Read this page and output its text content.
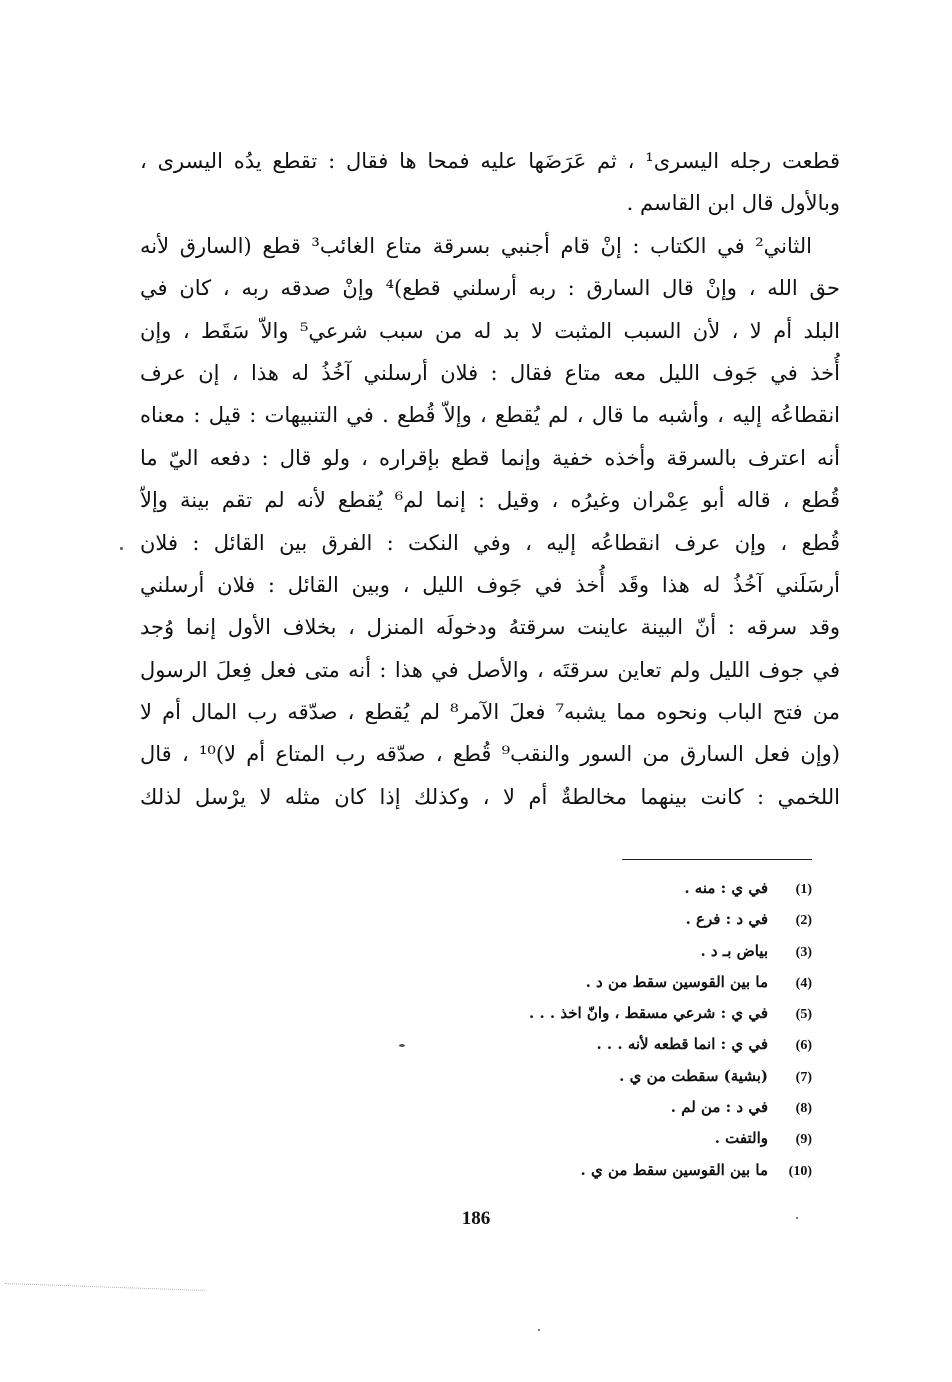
قطعت رجله اليسرى¹ ، ثم عَرَضَها عليه فمحا ها فقال : تقطع يدُه اليسرى ،
وبالأول قال ابن القاسم .
الثاني² في الكتاب : إنْ قام أجنبي بسرقة متاع الغائب³ قطع (السارق لأنه
حق الله ، وإنْ قال السارق : ربه أرسلني قطع)⁴ وإنْ صدقه ربه ، كان في
البلد أم لا ، لأن السبب المثبت لا بد له من سبب شرعي⁵ والاّ سَقَط ، وإن
أُخذ في جَوف الليل معه متاع فقال : فلان أرسلني آخُذُ له هذا ، إن عرف
انقطاعُه إليه ، وأشبه ما قال ، لم يُقطع ، وإلاّ قُطع . في التنبيهات : قيل : معناه
أنه اعترف بالسرقة وأخذه خفية وإنما قطع بإقراره ، ولو قال : دفعه اليّ ما
قُطع ، قاله أبو عِمْران وغيرُه ، وقيل : إنما لم⁶ يُقطع لأنه لم تقم بينة وإلاّ
قُطع ، وإن عرف انقطاعُه إليه ، وفي النكت : الفرق بين القائل : فلان
أرسَلَني آخُذُ له هذا وقَد أُخذ في جَوف الليل ، وبين القائل : فلان أرسلني
وقد سرقه : أنّ البينة عاينت سرقتهُ ودخولَه المنزل ، بخلاف الأول إنما وُجد
في جوف الليل ولم تعاين سرقتَه ، والأصل في هذا : أنه متى فعل فِعلَ الرسول
من فتح الباب ونحوه مما يشبه⁷ فعلَ الآمر⁸ لم يُقطع ، صدّقه رب المال أم لا
(وإن فعل السارق من السور والنقب⁹ قُطع ، صدّقه رب المتاع أم لا)¹⁰ ، قال
اللخمي : كانت بينهما مخالطةٌ أم لا ، وكذلك إذا كان مثله لا يرْسل لذلك
(1)في ي : منه .
(2)في د : فرع .
(3)بياض بـ د .
(4)ما بين القوسين سقط من د .
(5)في ي : شرعي مسقط ، وانّ اخذ . . .
(6)في ي : انما قطعه لأنه . . .
(7)(بشية) سقطت من ي .
(8)في د : من لم .
(9)والتفت .
(10)ما بين القوسين سقط من ي .
186
